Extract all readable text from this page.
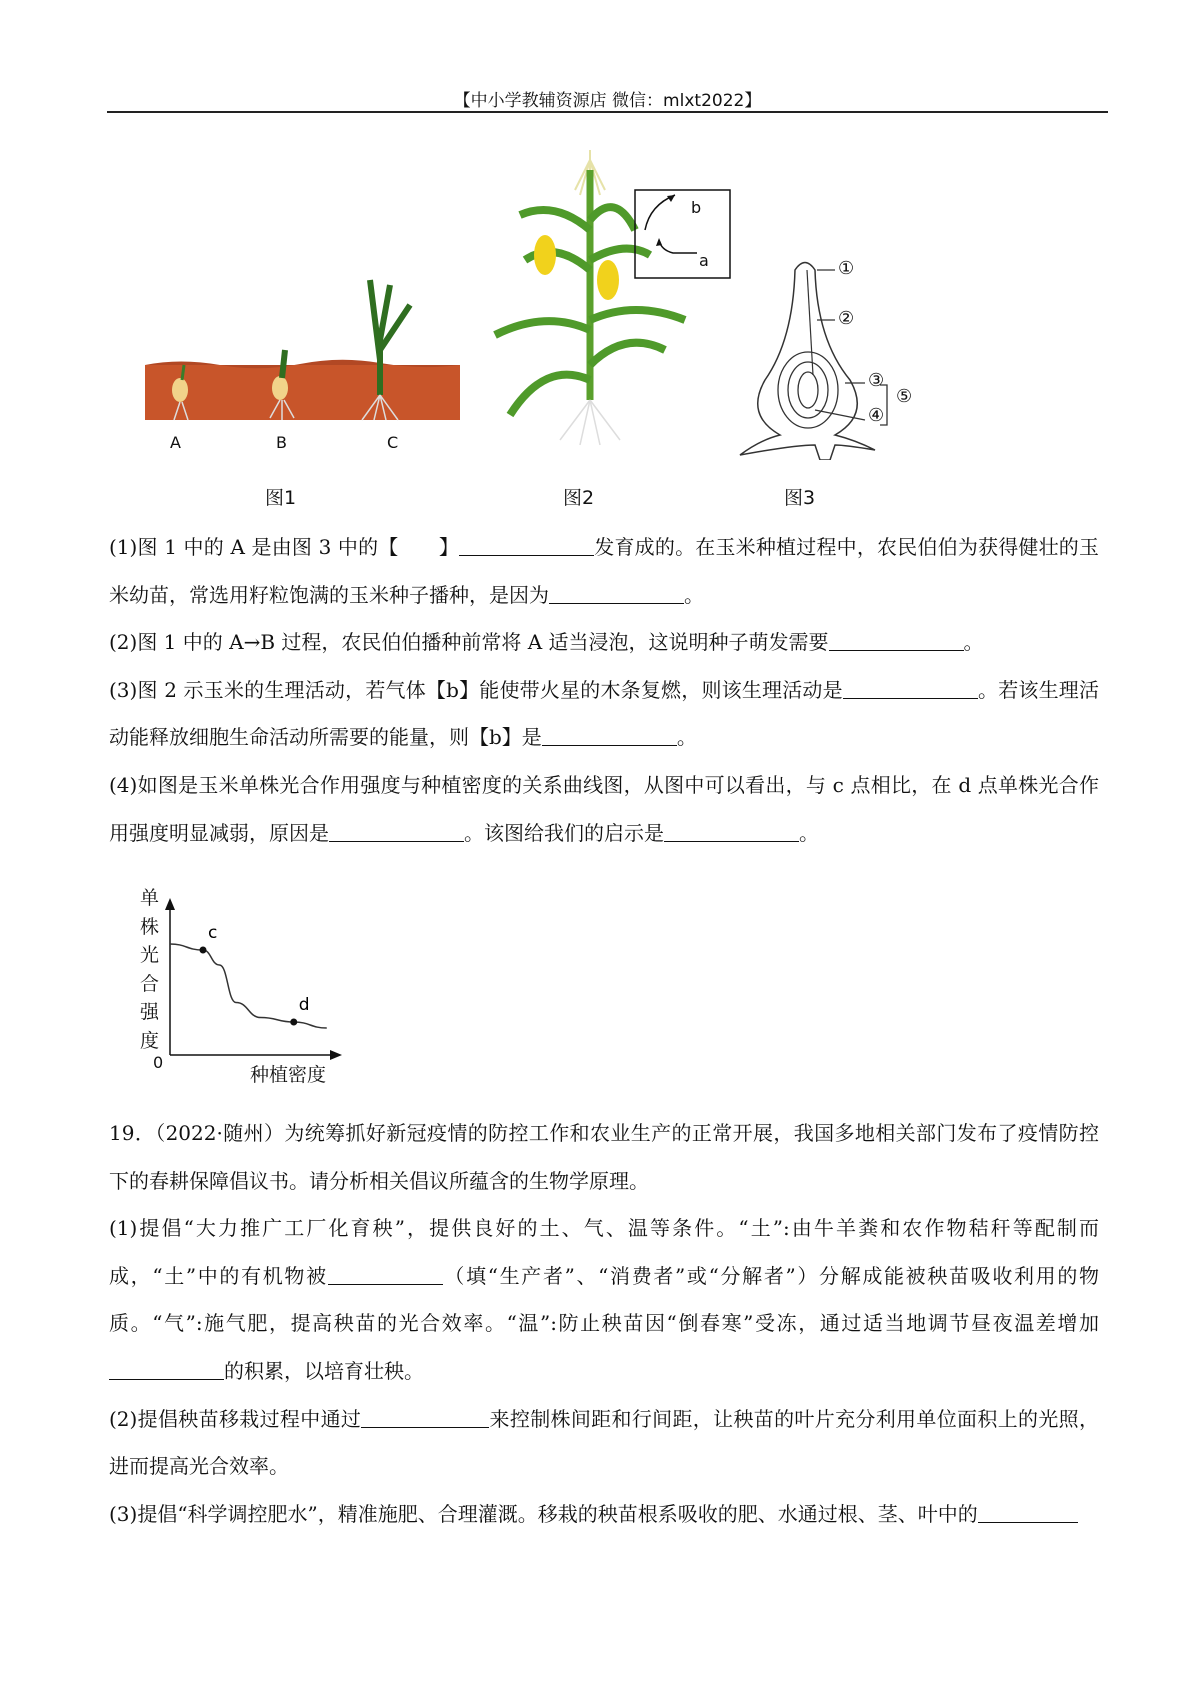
【中小学教辅资源店 微信：mlxt2022】
A	B	C
图1
b
a
图2
①
②
③
④
⑤
图3

(1)图 1 中的 A 是由图 3 中的【　　】	发育成的。在玉米种植过程中，农民伯伯为获得健壮的玉米幼苗，常选用籽粒饱满的玉米种子播种，是因为	。

(2)图 1 中的 A→B 过程，农民伯伯播种前常将 A 适当浸泡，这说明种子萌发需要	。

(3)图 2 示玉米的生理活动，若气体【b】能使带火星的木条复燃，则该生理活动是	。若该生理活动能释放细胞生命活动所需要的能量，则【b】是	。

(4)如图是玉米单株光合作用强度与种植密度的关系曲线图，从图中可以看出，与 c 点相比，在 d 点单株光合作用强度明显减弱，原因是	。该图给我们的启示是	。

c
d
单株光合强度
0
种植密度

19．（2022·随州）为统筹抓好新冠疫情的防控工作和农业生产的正常开展，我国多地相关部门发布了疫情防控下的春耕保障倡议书。请分析相关倡议所蕴含的生物学原理。

(1)提倡“大力推广工厂化育秧”，提供良好的土、气、温等条件。“土”:由牛羊粪和农作物秸秆等配制而成，“土”中的有机物被	（填“生产者”、“消费者”或“分解者”）分解成能被秧苗吸收利用的物质。“气”:施气肥，提高秧苗的光合效率。“温”:防止秧苗因“倒春寒”受冻，通过适当地调节昼夜温差增加的积累，以培育壮秧。

(2)提倡秧苗移栽过程中通过	来控制株间距和行间距，让秧苗的叶片充分利用单位面积上的光照，进而提高光合效率。

(3)提倡“科学调控肥水”，精准施肥、合理灌溉。移栽的秧苗根系吸收的肥、水通过根、茎、叶中的
